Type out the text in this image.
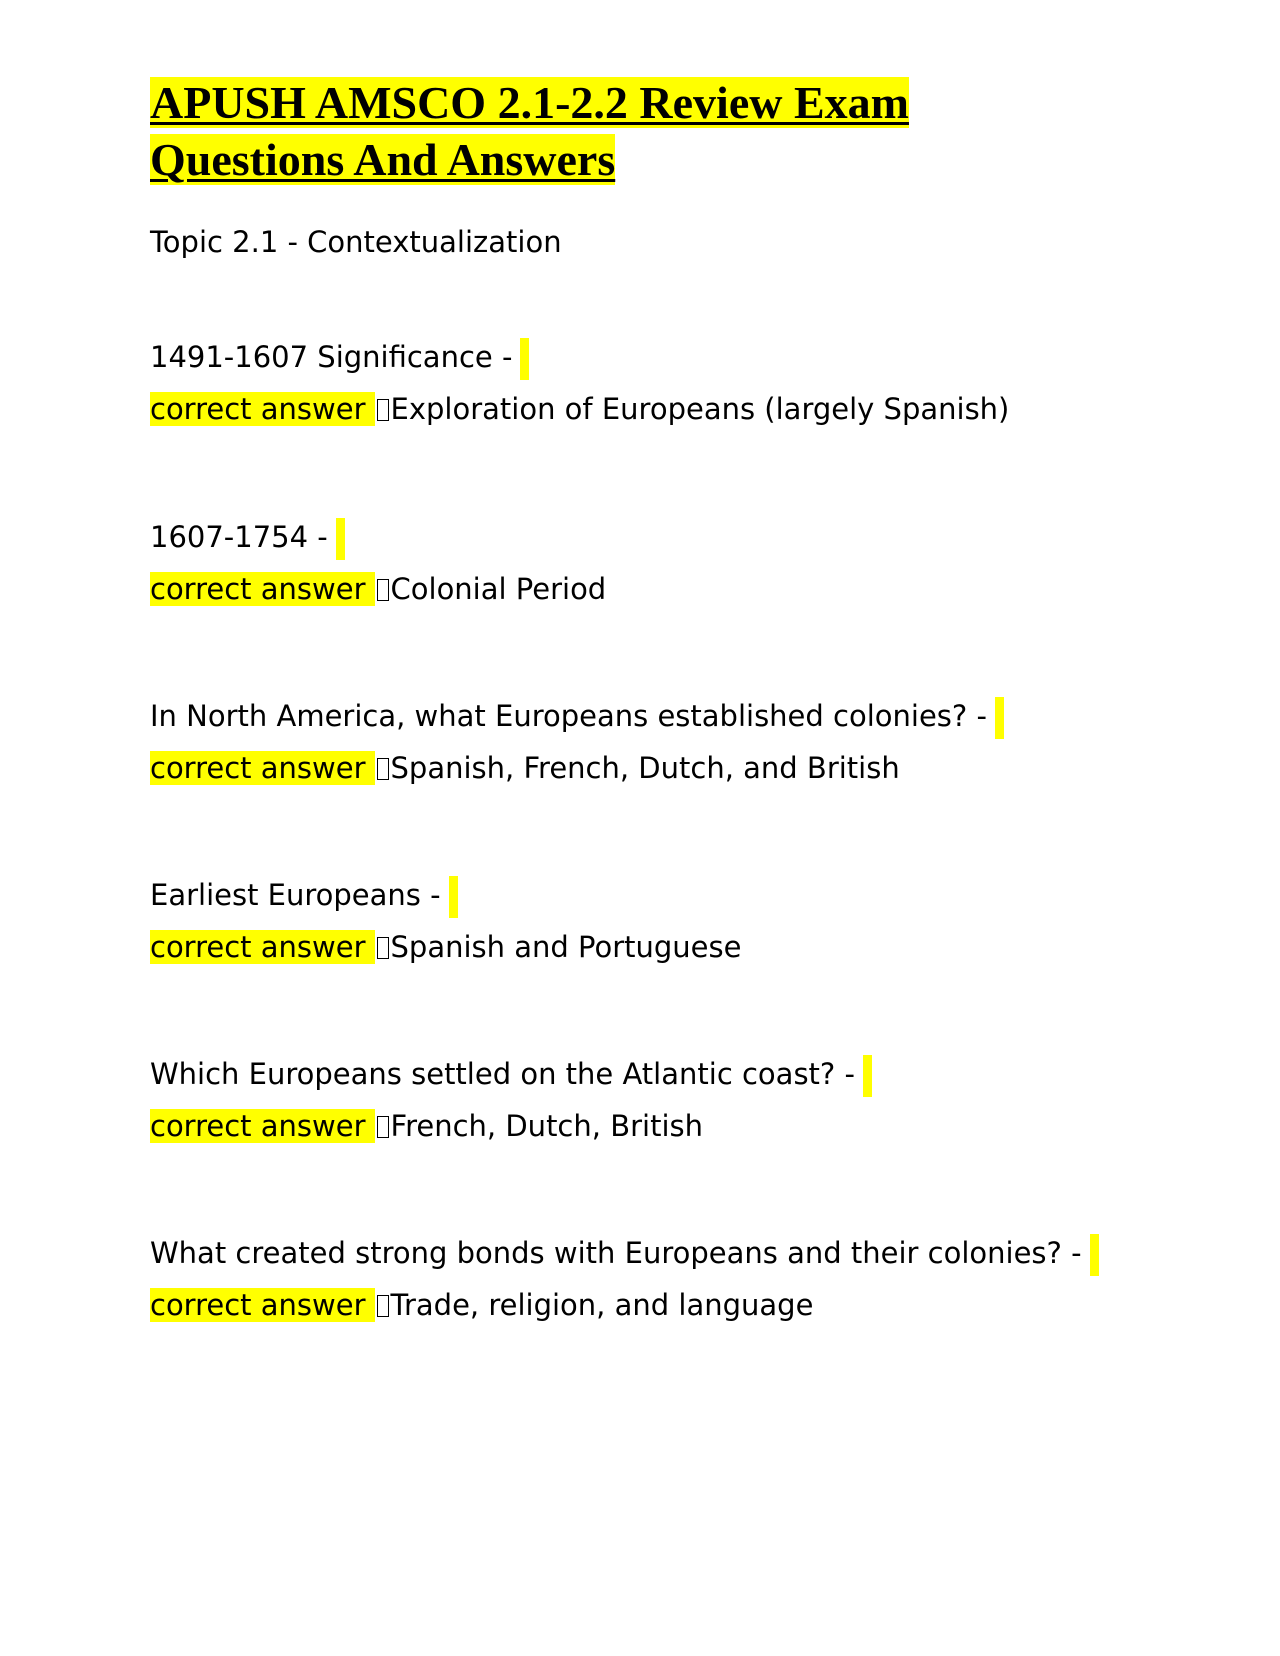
APUSH AMSCO 2.1-2.2 Review Exam
Questions And Answers
Topic 2.1 - Contextualization
1491-1607 Significance -
correct answer Exploration of Europeans (largely Spanish)
1607-1754 -
correct answer Colonial Period
In North America, what Europeans established colonies? -
correct answer Spanish, French, Dutch, and British
Earliest Europeans -
correct answer Spanish and Portuguese
Which Europeans settled on the Atlantic coast? -
correct answer French, Dutch, British
What created strong bonds with Europeans and their colonies? -
correct answer Trade, religion, and language
